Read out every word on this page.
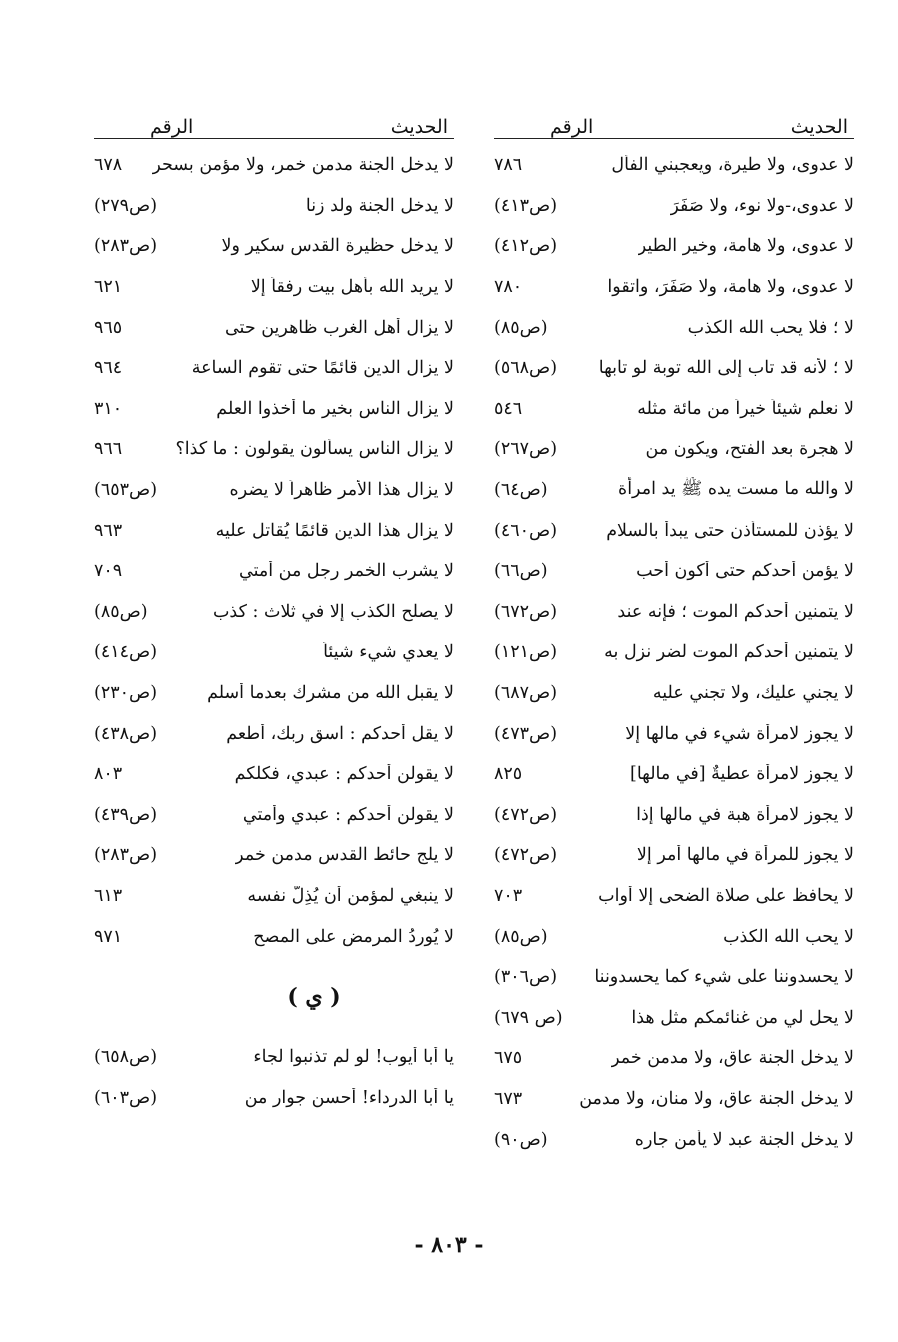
الحديث
الرقم
لا عدوى، ولا طيرة، ويعجبني الفأل
٧٨٦
لا عدوى،-ولا نوء، ولا صَفَرَ
(ص٤١٣)
لا عدوى، ولا هامة، وخير الطير
(ص٤١٢)
لا عدوى، ولا هامة، ولا صَفَرَ، واتقوا
٧٨٠
لا ؛ فلا يحب الله الكذب
(ص٨٥)
لا ؛ لأنه قد تاب إلى الله توبة لو تابها
(ص٥٦٨)
لا نعلم شيئاً خيراً من مائة مثله
٥٤٦
لا هجرة بعد الفتح، ويكون من
(ص٢٦٧)
لا والله ما مست يده ﷺ يد امرأة
(ص٦٤)
لا يؤذن للمستأذن حتى يبدأ بالسلام
(ص٤٦٠)
لا يؤمن أحدكم حتى أكون أحب
(ص٦٦)
لا يتمنين أحدكم الموت ؛ فإنه عند
(ص٦٧٢)
لا يتمنين أحدكم الموت لضر نزل به
(ص١٢١)
لا يجني عليك، ولا تجني عليه
(ص٦٨٧)
لا يجوز لامرأة شيء في مالها إلا
(ص٤٧٣)
لا يجوز لامرأة عطيةٌ [في مالها]
٨٢٥
لا يجوز لامرأة هبة في مالها إذا
(ص٤٧٢)
لا يجوز للمرأة في مالها أمر إلا
(ص٤٧٢)
لا يحافظ على صلاة الضحى إلا أواب
٧٠٣
لا يحب الله الكذب
(ص٨٥)
لا يحسدوننا على شيء كما يحسدوننا
(ص٣٠٦)
لا يحل لي من غنائمكم مثل هذا
(ص ٦٧٩)
لا يدخل الجنة عاق، ولا مدمن خمر
٦٧٥
لا يدخل الجنة عاق، ولا منان، ولا مدمن
٦٧٣
لا يدخل الجنة عبد لا يأمن جاره
(ص٩٠)
الحديث
الرقم
لا يدخل الجنة مدمن خمر، ولا مؤمن بسحر
٦٧٨
لا يدخل الجنة ولد زنا
(ص٢٧٩)
لا يدخل حظيرة القدس سكير ولا
(ص٢٨٣)
لا يريد الله بأهل بيت رفقاً إلا
٦٢١
لا يزال أهل الغرب ظاهرين حتى
٩٦٥
لا يزال الدين قائمًا حتى تقوم الساعة
٩٦٤
لا يزال الناس بخير ما أخذوا العلم
٣١٠
لا يزال الناس يسألون يقولون : ما كذا؟
٩٦٦
لا يزال هذا الأمر ظاهراً لا يضره
(ص٦٥٣)
لا يزال هذا الدين قائمًا يُقاتل عليه
٩٦٣
لا يشرب الخمر رجل من أمتي
٧٠٩
لا يصلح الكذب إلا في ثلاث : كذب
(ص٨٥)
لا يعدي شيء شيئاً
(ص٤١٤)
لا يقبل الله من مشرك بعدما أسلم
(ص٢٣٠)
لا يقل أحدكم : اسق ربك، أطعم
(ص٤٣٨)
لا يقولن أحدكم : عبدي، فكلكم
٨٠٣
لا يقولن أحدكم : عبدي وأمتي
(ص٤٣٩)
لا يلج حائط القدس مدمن خمر
(ص٢٨٣)
لا ينبغي لمؤمن أن يُذِلَّ نفسه
٦١٣
لا يُورِدُ المرمض على المصح
٩٧١
( ي )
يا أبا أيوب! لو لم تذنبوا لجاء
(ص٦٥٨)
يا أبا الدرداء! أحسن جوار من
(ص٦٠٣)
- ٨٠٣ -
